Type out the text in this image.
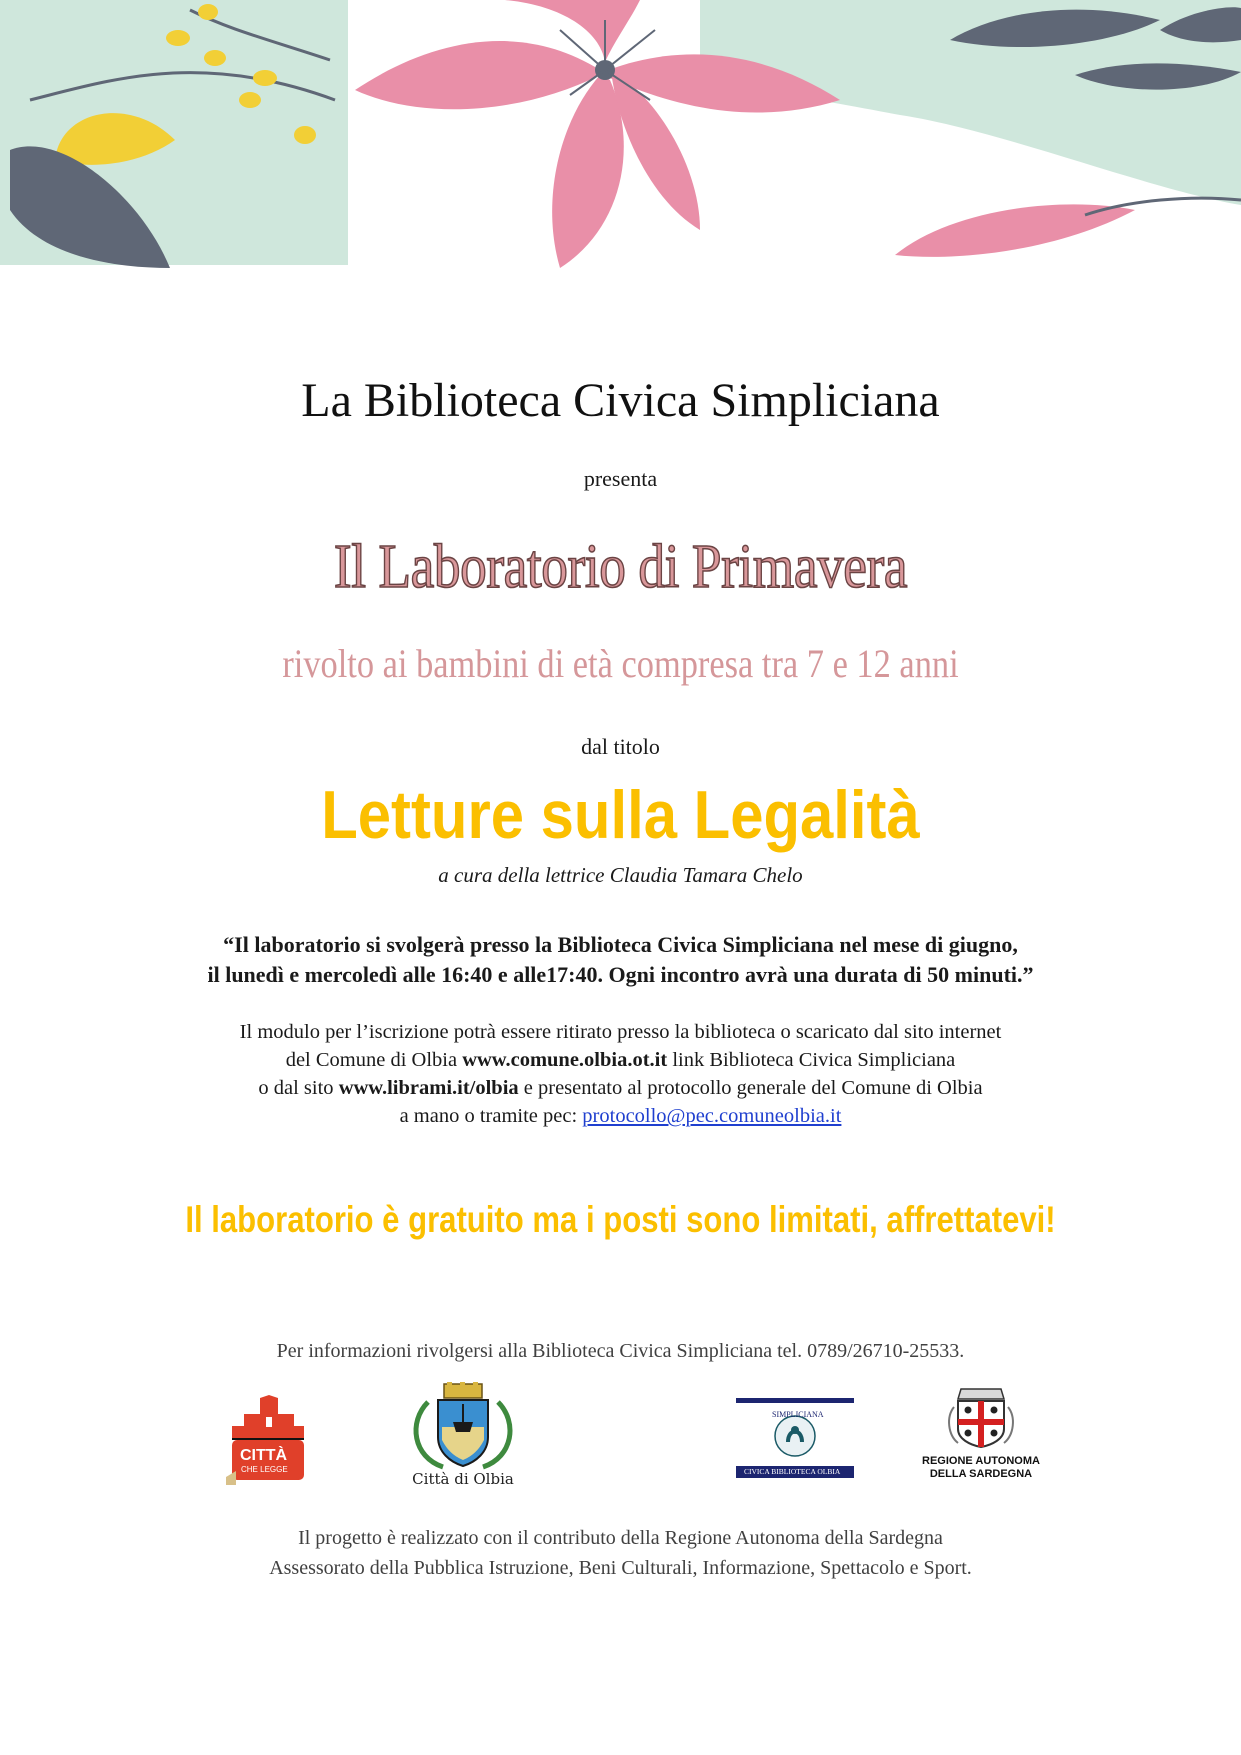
La Biblioteca Civica Simpliciana
presenta
Il Laboratorio di Primavera
rivolto ai bambini di età compresa tra 7 e 12 anni
dal titolo
Letture sulla Legalità
a cura della lettrice Claudia Tamara Chelo
“Il laboratorio si svolgerà presso la Biblioteca Civica Simpliciana nel mese di giugno,
il lunedì e mercoledì alle 16:40 e alle17:40. Ogni incontro avrà una durata di 50 minuti.”
Il modulo per l’iscrizione potrà essere ritirato presso la biblioteca o scaricato dal sito internet
del Comune di Olbia www.comune.olbia.ot.it link Biblioteca Civica Simpliciana
o dal sito www.librami.it/olbia e presentato al protocollo generale del Comune di Olbia
a mano o tramite pec: protocollo@pec.comuneolbia.it
Il laboratorio è gratuito ma i posti sono limitati, affrettatevi!
Per informazioni rivolgersi alla Biblioteca Civica Simpliciana tel. 0789/26710-25533.
CITTÀ
CHE LEGGE
Città di Olbia
SIMPLICIANA
CIVICA BIBLIOTECA OLBIA
REGIONE AUTONOMA
DELLA SARDEGNA
Il progetto è realizzato con il contributo della Regione Autonoma della Sardegna
Assessorato della Pubblica Istruzione, Beni Culturali, Informazione, Spettacolo e Sport.
